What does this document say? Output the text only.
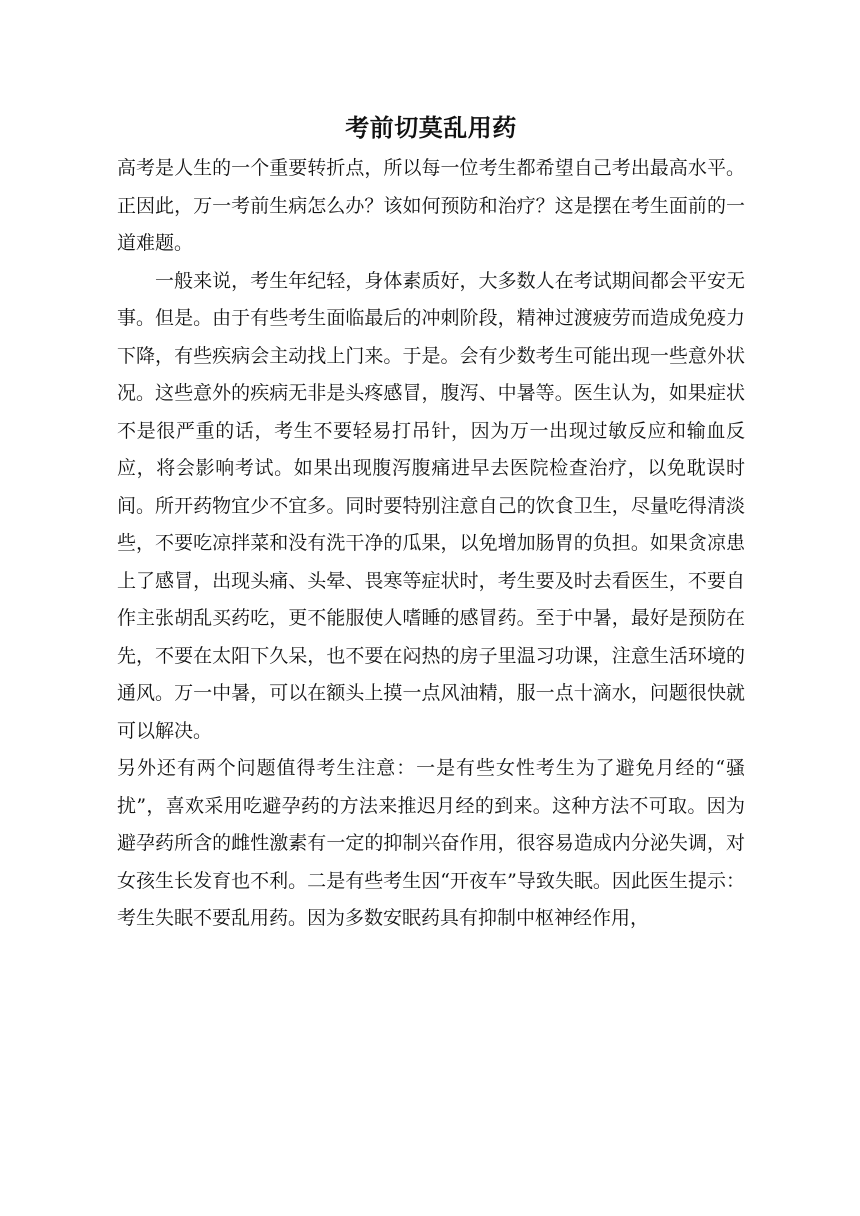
考前切莫乱用药

高考是人生的一个重要转折点，所以每一位考生都希望自己考出最高水平。正因此，万一考前生病怎么办？该如何预防和治疗？这是摆在考生面前的一道难题。

一般来说，考生年纪轻，身体素质好，大多数人在考试期间都会平安无事。但是。由于有些考生面临最后的冲刺阶段，精神过渡疲劳而造成免疫力下降，有些疾病会主动找上门来。于是。会有少数考生可能出现一些意外状况。这些意外的疾病无非是头疼感冒，腹泻、中暑等。医生认为，如果症状不是很严重的话，考生不要轻易打吊针，因为万一出现过敏反应和输血反应，将会影响考试。如果出现腹泻腹痛进早去医院检查治疗，以免耽误时间。所开药物宜少不宜多。同时要特别注意自己的饮食卫生，尽量吃得清淡些，不要吃凉拌菜和没有洗干净的瓜果，以免增加肠胃的负担。如果贪凉患上了感冒，出现头痛、头晕、畏寒等症状时，考生要及时去看医生，不要自作主张胡乱买药吃，更不能服使人嗜睡的感冒药。至于中暑，最好是预防在先，不要在太阳下久呆，也不要在闷热的房子里温习功课，注意生活环境的通风。万一中暑，可以在额头上摸一点风油精，服一点十滴水，问题很快就可以解决。

另外还有两个问题值得考生注意：一是有些女性考生为了避免月经的“骚扰”，喜欢采用吃避孕药的方法来推迟月经的到来。这种方法不可取。因为避孕药所含的雌性激素有一定的抑制兴奋作用，很容易造成内分泌失调，对女孩生长发育也不利。二是有些考生因“开夜车”导致失眠。因此医生提示：考生失眠不要乱用药。因为多数安眠药具有抑制中枢神经作用，
